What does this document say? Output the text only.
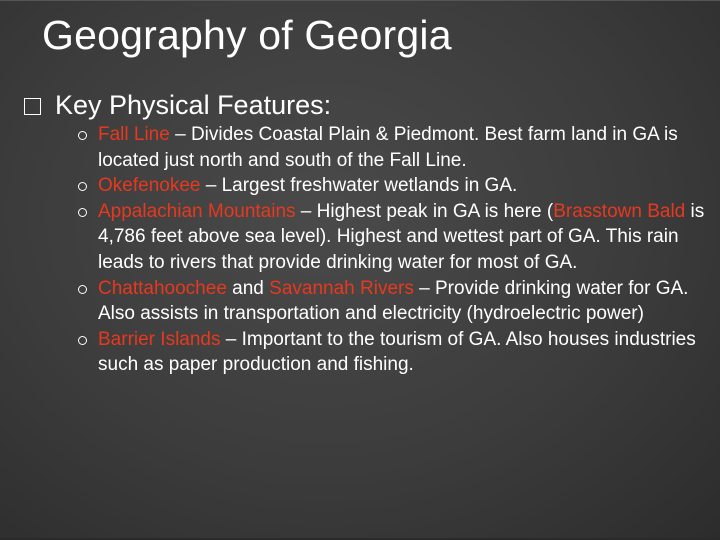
Geography of Georgia
Key Physical Features:
Fall Line – Divides Coastal Plain & Piedmont. Best farm land in GA is located just north and south of the Fall Line.
Okefenokee – Largest freshwater wetlands in GA.
Appalachian Mountains – Highest peak in GA is here (Brasstown Bald is 4,786 feet above sea level). Highest and wettest part of GA. This rain leads to rivers that provide drinking water for most of GA.
Chattahoochee and Savannah Rivers – Provide drinking water for GA. Also assists in transportation and electricity (hydroelectric power)
Barrier Islands – Important to the tourism of GA. Also houses industries such as paper production and fishing.
